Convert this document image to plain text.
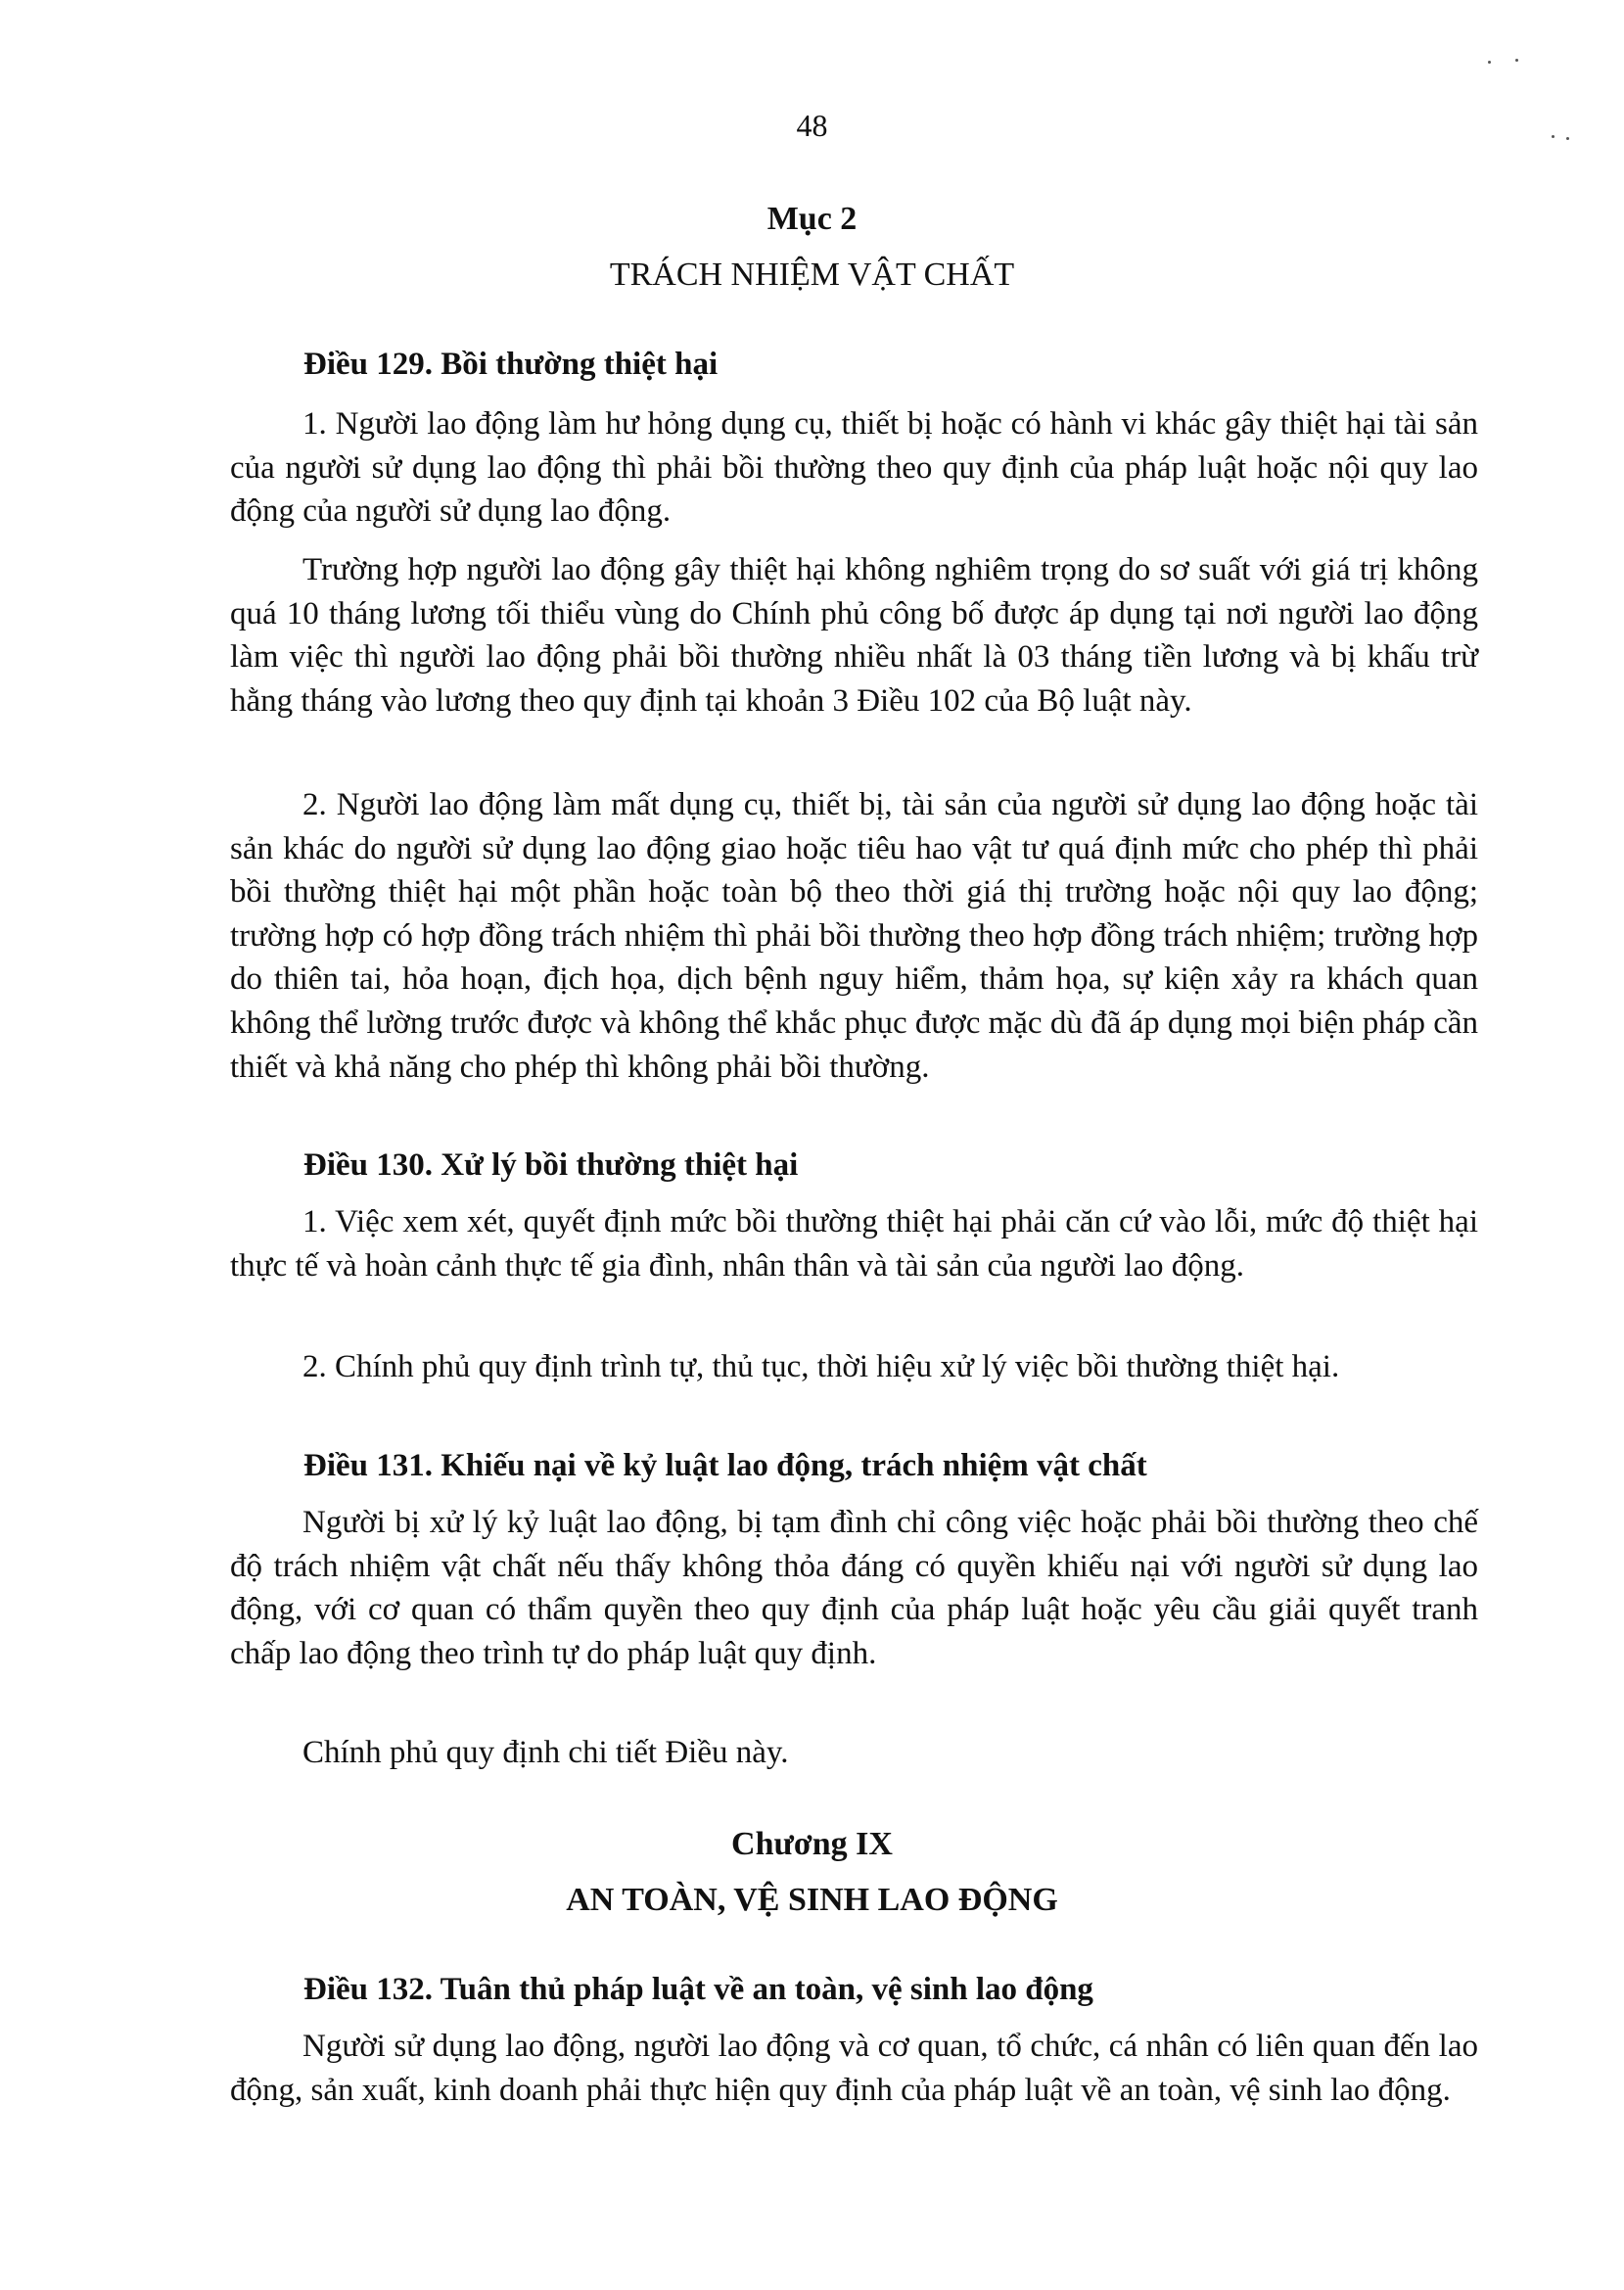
48
Mục 2
TRÁCH NHIỆM VẬT CHẤT
Điều 129. Bồi thường thiệt hại

1. Người lao động làm hư hỏng dụng cụ, thiết bị hoặc có hành vi khác gây thiệt hại tài sản của người sử dụng lao động thì phải bồi thường theo quy định của pháp luật hoặc nội quy lao động của người sử dụng lao động.

Trường hợp người lao động gây thiệt hại không nghiêm trọng do sơ suất với giá trị không quá 10 tháng lương tối thiểu vùng do Chính phủ công bố được áp dụng tại nơi người lao động làm việc thì người lao động phải bồi thường nhiều nhất là 03 tháng tiền lương và bị khấu trừ hằng tháng vào lương theo quy định tại khoản 3 Điều 102 của Bộ luật này.

2. Người lao động làm mất dụng cụ, thiết bị, tài sản của người sử dụng lao động hoặc tài sản khác do người sử dụng lao động giao hoặc tiêu hao vật tư quá định mức cho phép thì phải bồi thường thiệt hại một phần hoặc toàn bộ theo thời giá thị trường hoặc nội quy lao động; trường hợp có hợp đồng trách nhiệm thì phải bồi thường theo hợp đồng trách nhiệm; trường hợp do thiên tai, hỏa hoạn, địch họa, dịch bệnh nguy hiểm, thảm họa, sự kiện xảy ra khách quan không thể lường trước được và không thể khắc phục được mặc dù đã áp dụng mọi biện pháp cần thiết và khả năng cho phép thì không phải bồi thường.

Điều 130. Xử lý bồi thường thiệt hại

1. Việc xem xét, quyết định mức bồi thường thiệt hại phải căn cứ vào lỗi, mức độ thiệt hại thực tế và hoàn cảnh thực tế gia đình, nhân thân và tài sản của người lao động.

2. Chính phủ quy định trình tự, thủ tục, thời hiệu xử lý việc bồi thường thiệt hại.

Điều 131. Khiếu nại về kỷ luật lao động, trách nhiệm vật chất

Người bị xử lý kỷ luật lao động, bị tạm đình chỉ công việc hoặc phải bồi thường theo chế độ trách nhiệm vật chất nếu thấy không thỏa đáng có quyền khiếu nại với người sử dụng lao động, với cơ quan có thẩm quyền theo quy định của pháp luật hoặc yêu cầu giải quyết tranh chấp lao động theo trình tự do pháp luật quy định.

Chính phủ quy định chi tiết Điều này.

Chương IX
AN TOÀN, VỆ SINH LAO ĐỘNG
Điều 132. Tuân thủ pháp luật về an toàn, vệ sinh lao động

Người sử dụng lao động, người lao động và cơ quan, tổ chức, cá nhân có liên quan đến lao động, sản xuất, kinh doanh phải thực hiện quy định của pháp luật về an toàn, vệ sinh lao động.
